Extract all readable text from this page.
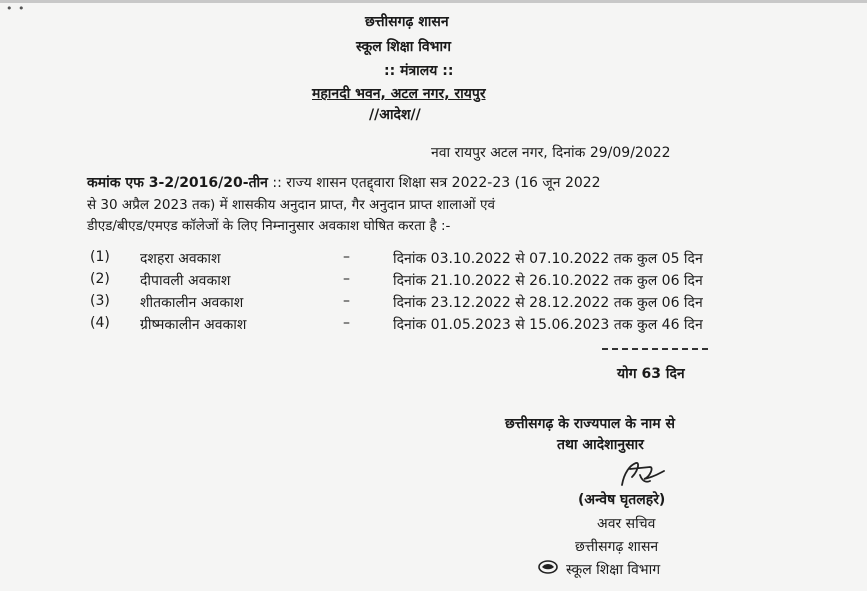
• •
छत्तीसगढ़ शासन
स्कूल शिक्षा विभाग
:: मंत्रालय ::
महानदी भवन, अटल नगर, रायपुर
//आदेश//
नवा रायपुर अटल नगर, दिनांक 29/09/2022
कमांक एफ 3-2/2016/20-तीन :: राज्य शासन एतद्द्वारा शिक्षा सत्र 2022-23 (16 जून 2022
से 30 अप्रैल 2023 तक) में शासकीय अनुदान प्राप्त, गैर अनुदान प्राप्त शालाओं एवं
डीएड/बीएड/एमएड कॉलेजों के लिए निम्नानुसार अवकाश घोषित करता है :-
(1) दशहरा अवकाश	–	दिनांक 03.10.2022 से 07.10.2022 तक कुल 05 दिन
(2) दीपावली अवकाश	–	दिनांक 21.10.2022 से 26.10.2022 तक कुल 06 दिन
(3) शीतकालीन अवकाश	–	दिनांक 23.12.2022 से 28.12.2022 तक कुल 06 दिन
(4) ग्रीष्मकालीन अवकाश	–	दिनांक 01.05.2023 से 15.06.2023 तक कुल 46 दिन
योग 63 दिन
छत्तीसगढ़ के राज्यपाल के नाम से
तथा आदेशानुसार
(अन्वेष घृतलहरे)
अवर सचिव
छत्तीसगढ़ शासन
स्कूल शिक्षा विभाग
